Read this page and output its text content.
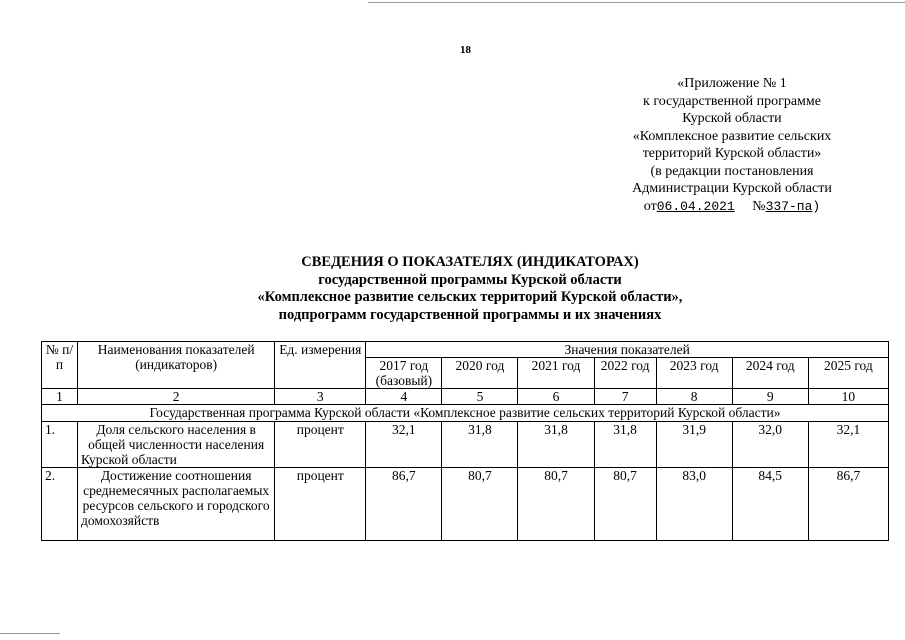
18
«Приложение № 1
к государственной программе
Курской области
«Комплексное развитие сельских
территорий Курской области»
(в редакции постановления
Администрации Курской области
от06.04.2021 №337-па)
СВЕДЕНИЯ О ПОКАЗАТЕЛЯХ (ИНДИКАТОРАХ)
государственной программы Курской области
«Комплексное развитие сельских территорий Курской области»,
подпрограмм государственной программы и их значениях
№ п/п	Наименования показателей (индикаторов)	Ед. измерения	Значения показателей						
			2017 год (базовый)	2020 год	2021 год	2022 год	2023 год	2024 год	2025 год
1	2	3	4	5	6	7	8	9	10
Государственная программа Курской области «Комплексное развитие сельских территорий Курской области»									
1.	Доля сельского населения в общей численности населения Курской области	процент	32,1	31,8	31,8	31,8	31,9	32,0	32,1
2.	Достижение соотношения среднемесячных располагаемых ресурсов сельского и городского домохозяйств	процент	86,7	80,7	80,7	80,7	83,0	84,5	86,7
